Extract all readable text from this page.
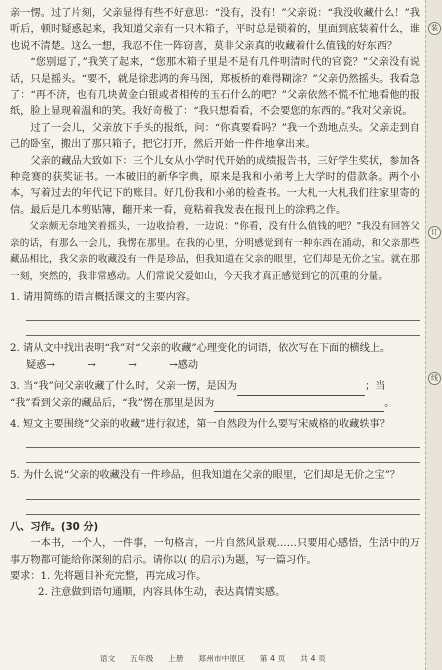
装
订
线

亲一愣。过了片刻，父亲显得有些不好意思：“没有，没有！”父亲说：“我没收藏什么！”我听后，顿时疑惑起来，我知道父亲有一只木箱子，平时总是锁着的，里面到底装着什么，谁也说不清楚。这么一想，我忍不住一阵窃喜，莫非父亲真的收藏着什么值钱的好东西？

“您别逗了，”我笑了起来，“您那木箱子里是不是有几件明清时代的官瓷？”父亲没有说话，只是摇头。“要不，就是徐悲鸿的奔马图，郑板桥的难得糊涂？”父亲仍然摇头。我看急了：“再不济，也有几块黄金白银或者相传的玉石什么的吧？”父亲依然不慌不忙地看他的报纸，脸上显现着温和的笑。我好奇极了：“我只想看看，不会要您的东西的。”我对父亲说。

过了一会儿，父亲放下手头的报纸，问：“你真要看吗？”我一个劲地点头。父亲走到自己的卧室，搬出了那只箱子，把它打开，然后开始一件件地拿出来。

父亲的藏品大致如下：三个儿女从小学时代开始的成绩报告书，三好学生奖状，参加各种竞赛的获奖证书。一本破旧的新华字典，原来是我和小弟考上大学时的借款条。两个小本，写着过去的年代记下的账目。好几份我和小弟的检查书。一大札一大札我们往家里寄的信。最后是几本剪贴簿，翻开来一看，竟粘着我发表在报刊上的涂鸦之作。

父亲颇无奈地笑着摇头，一边收拾着，一边说：“你看，没有什么值钱的吧？”我没有回答父亲的话，有那么一会儿，我愣在那里。在我的心里，分明感觉到有一种东西在涌动，和父亲那些藏品相比，我父亲的收藏没有一件是珍品，但我知道在父亲的眼里，它们却是无价之宝。就在那一刻，突然的，我非常感动。人们常说父爱如山，今天我才真正感觉到它的沉重的分量。

1. 请用简练的语言概括课文的主要内容。

2. 请从文中找出表明“我”对“父亲的收藏”心理变化的词语，依次写在下面的横线上。

疑惑→          →          →          →感动

3. 当“我”问父亲收藏了什么时，父亲一愣，是因为	；当
“我”看到父亲的藏品后，“我”愣在那里是因为	。

4. 短文主要围绕“父亲的收藏”进行叙述，第一自然段为什么要写宋威格的收藏轶事？

5. 为什么说“父亲的收藏没有一件珍品，但我知道在父亲的眼里，它们却是无价之宝”？

八、习作。(30 分)

一本书，一个人，一件事，一句格言，一片自然风景观……只要用心感悟，生活中的万事万物都可能给你深刻的启示。请你以( 的启示)为题，写一篇习作。

要求：1. 先将题目补充完整，再完成习作。

2. 注意做到语句通顺，内容具体生动，表达真情实感。

语文 五年级 上册 郑州市中原区 第 4 页 共 4 页
